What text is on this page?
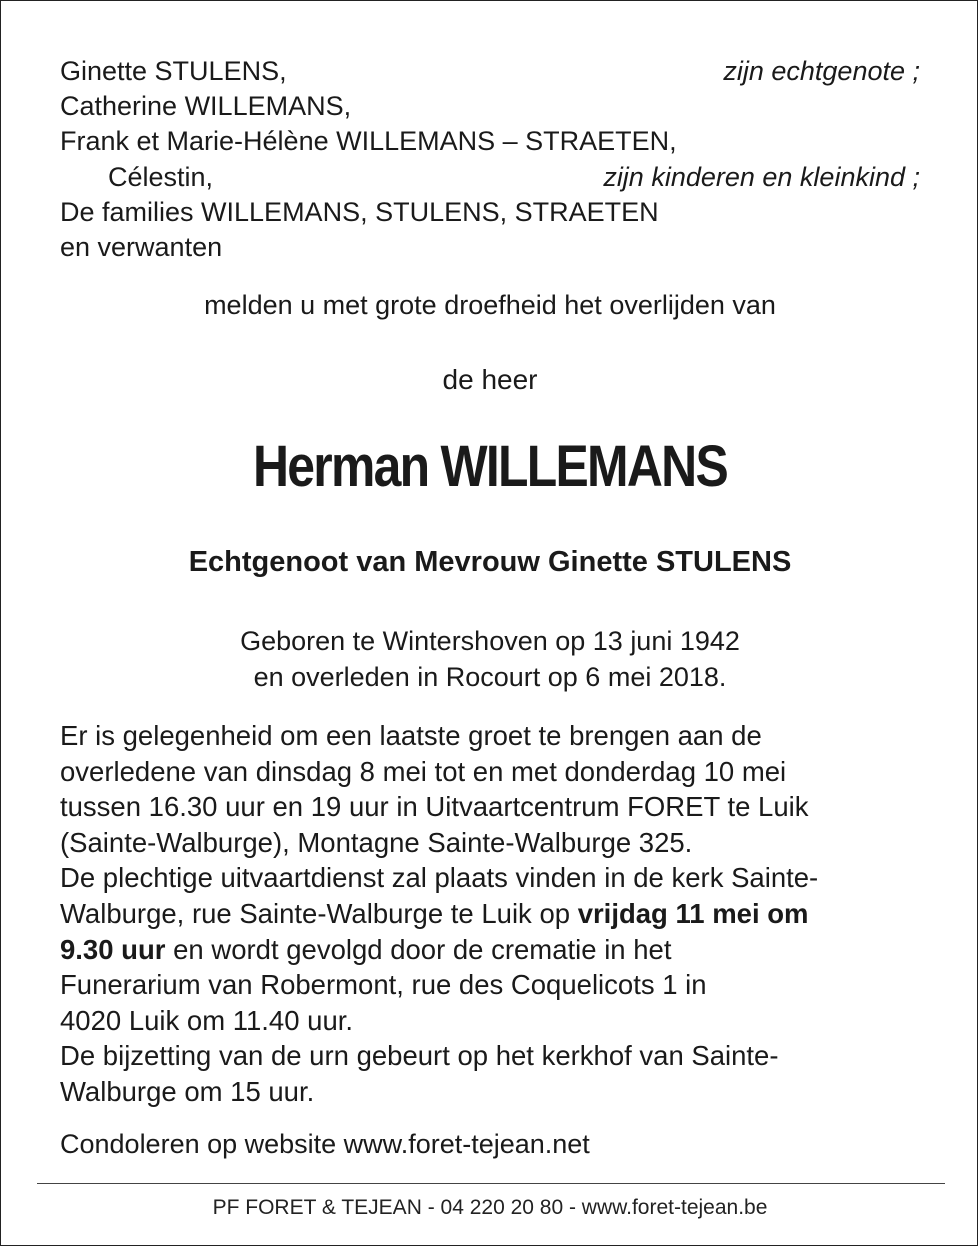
Ginette STULENS,	zijn echtgenote ;
Catherine WILLEMANS,
Frank et Marie-Hélène WILLEMANS – STRAETEN,
Célestin,	zijn kinderen en kleinkind ;
De families WILLEMANS, STULENS, STRAETEN
en verwanten
melden u met grote droefheid het overlijden van
de heer
Herman WILLEMANS
Echtgenoot van Mevrouw Ginette STULENS
Geboren te Wintershoven op 13 juni 1942
en overleden in Rocourt op 6 mei 2018.
Er is gelegenheid om een laatste groet te brengen aan de
overledene van dinsdag 8 mei tot en met donderdag 10 mei
tussen 16.30 uur en 19 uur in Uitvaartcentrum FORET te Luik
(Sainte-Walburge), Montagne Sainte-Walburge 325.
De plechtige uitvaartdienst zal plaats vinden in de kerk Sainte-
Walburge, rue Sainte-Walburge te Luik op vrijdag 11 mei om
9.30 uur en wordt gevolgd door de crematie in het
Funerarium van Robermont, rue des Coquelicots 1 in
4020 Luik om 11.40 uur.
De bijzetting van de urn gebeurt op het kerkhof van Sainte-
Walburge om 15 uur.
Condoleren op website www.foret-tejean.net
PF FORET & TEJEAN - 04 220 20 80 - www.foret-tejean.be
